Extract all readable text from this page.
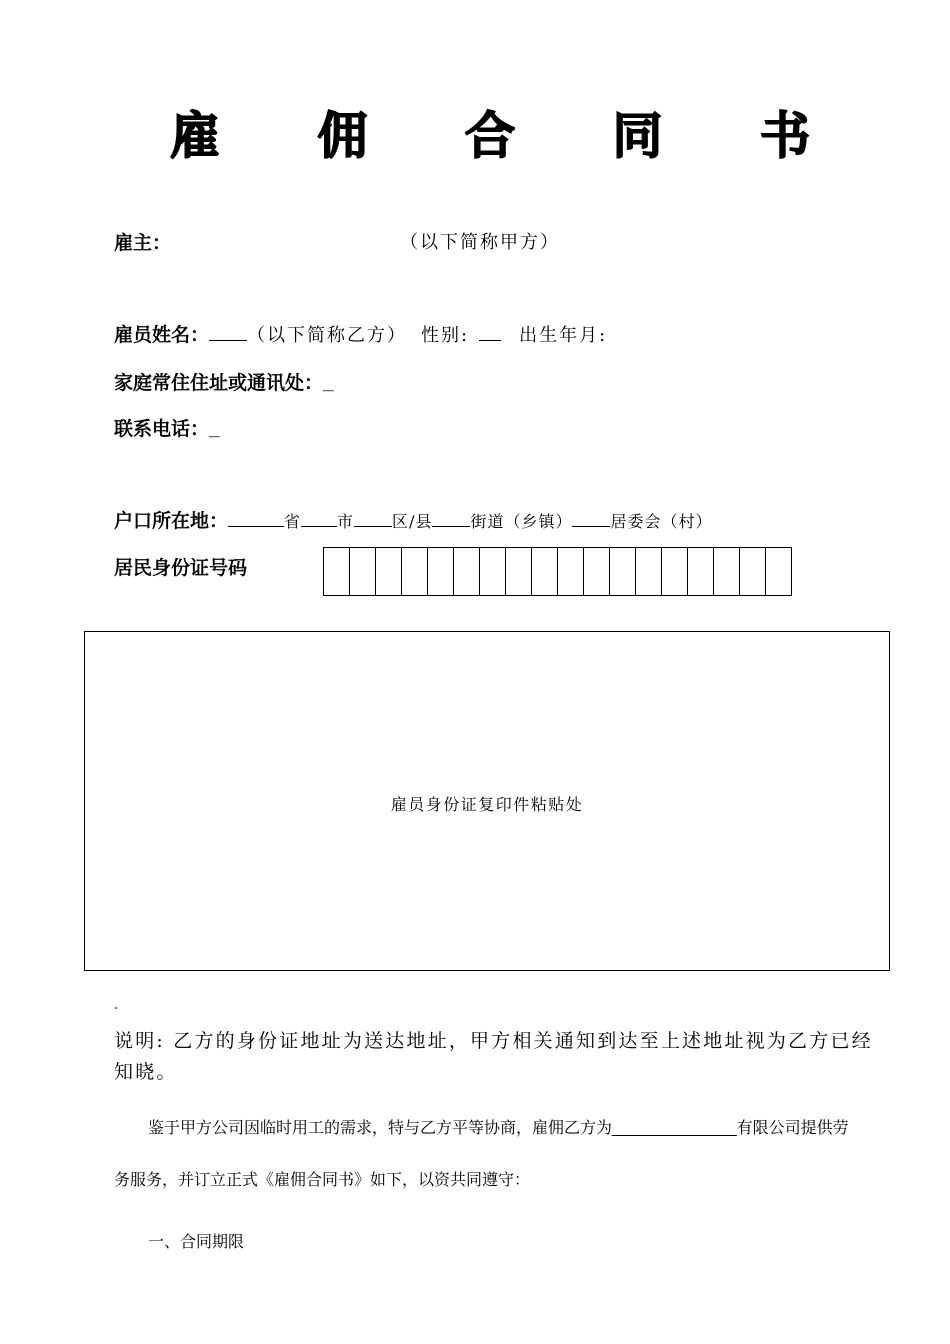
雇 佣 合 同 书
雇主：	（以下简称甲方）
雇员姓名： （以下简称乙方） 性别:	出生年月:
家庭常住住址或通讯处：_
联系电话：_
户口所在地：	省 市 区/县 街道（乡镇） 居委会（村）
居民身份证号码
雇员身份证复印件粘贴处
-
说明: 乙方的身份证地址为送达地址，甲方相关通知到达至上述地址视为乙方已经知晓。
鉴于甲方公司因临时用工的需求，特与乙方平等协商，雇佣乙方为______________有限公司提供劳
务服务，并订立正式《雇佣合同书》如下，以资共同遵守：
一、合同期限
